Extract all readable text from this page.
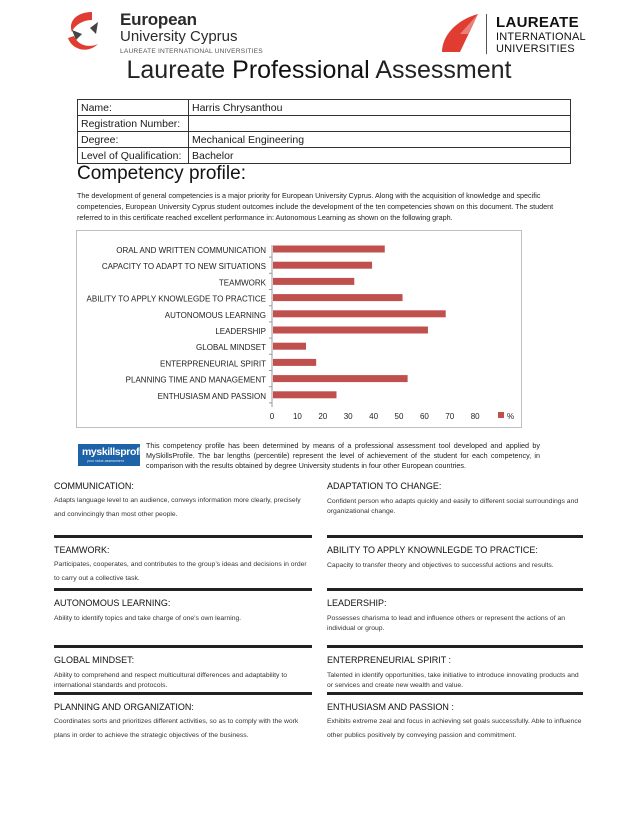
European
University Cyprus
LAUREATE INTERNATIONAL UNIVERSITIES
LAUREATE
INTERNATIONAL
UNIVERSITIES
Laureate Professional Assessment
Name:	Harris Chrysanthou
Registration Number:	
Degree:	Mechanical Engineering
Level of Qualification:	Bachelor
Competency profile:
The development of general competencies is a major priority for European University Cyprus. Along with the acquisition of knowledge and specific competencies, European University Cyprus student outcomes include the development of the ten competencies shown on this document. The student referred to in this certificate reached excellent performance in: Autonomous Learning as shown on the following graph.
ORAL AND WRITTEN COMMUNICATION
CAPACITY TO ADAPT TO NEW SITUATIONS
TEAMWORK
ABILITY TO APPLY KNOWLEGDE TO PRACTICE
AUTONOMOUS LEARNING
LEADERSHIP
GLOBAL MINDSET
ENTERPRENEURIAL SPIRIT
PLANNING TIME AND MANAGEMENT
ENTHUSIASM AND PASSION
0 10 20 30 40 50 60 70 80	%
myskillsprofile
your value assessment
This competency profile has been determined by means of a professional assessment tool developed and applied by MySkillsProfile. The bar lengths (percentile) represent the level of achievement of the student for each competency, in comparison with the results obtained by degree University students in four other European countries.
COMMUNICATION:
Adapts language level to an audience, conveys information more clearly, precisely and convincingly than most other people.
ADAPTATION TO CHANGE:
Confident person who adapts quickly and easily to different social surroundings and organizational change.
TEAMWORK:
Participates, cooperates, and contributes to the group’s ideas and decisions in order to carry out a collective task.
ABILITY TO APPLY KNOWNLEGDE TO PRACTICE:
Capacity to transfer theory and objectives to successful actions and results.
AUTONOMOUS LEARNING:
Ability to identify topics and take charge of one's own learning.
LEADERSHIP:
Possesses charisma to lead and influence others or represent the actions of an individual or group.
GLOBAL MINDSET:
Ability to comprehend and respect multicultural differences and adaptability to international standards and protocols.
ENTERPRENEURIAL SPIRIT :
Talented in identify opportunities, take initiative to introduce innovating products and or services and create new wealth and value.
PLANNING AND ORGANIZATION:
Coordinates sorts and prioritizes different activities, so as to comply with the work plans in order to achieve the strategic objectives of the business.
ENTHUSIASM AND PASSION :
Exhibits extreme zeal and focus in achieving set goals successfully. Able to influence other publics positively by conveying passion and commitment.
